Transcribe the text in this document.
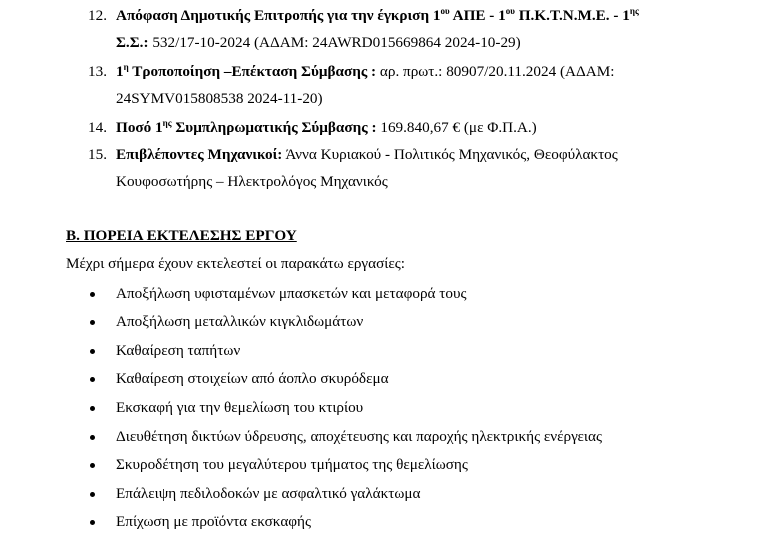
12. Απόφαση Δημοτικής Επιτροπής για την έγκριση $1^{o\upsilon}$ ΑΠΕ - $1^{o\upsilon}$ Π.Κ.Τ.Ν.Μ.Ε. - $1^{\eta\varsigma}$
Σ.Σ.: 532/17-10-2024 (ΑΔΑΜ: 24AWRD015669864 2024-10-29)
13. $1^\eta$ Τροποποίηση –Επέκταση Σύμβασης : αρ. πρωτ.: 80907/20.11.2024 (ΑΔΑΜ:
24SYMV015808538 2024-11-20)
14. Ποσό $1^{\eta\varsigma}$ Συμπληρωματικής Σύμβασης : 169.840,67 € (με Φ.Π.Α.)
15. Επιβλέποντες Μηχανικοί: Άννα Κυριακού - Πολιτικός Μηχανικός, Θεοφύλακτος
Κουφοσωτήρης – Ηλεκτρολόγος Μηχανικός
Β. ΠΟΡΕΙΑ ΕΚΤΕΛΕΣΗΣ ΕΡΓΟΥ
Μέχρι σήμερα έχουν εκτελεστεί οι παρακάτω εργασίες:
Αποξήλωση υφισταμένων μπασκετών και μεταφορά τους
Αποξήλωση μεταλλικών κιγκλιδωμάτων
Καθαίρεση ταπήτων
Καθαίρεση στοιχείων από άοπλο σκυρόδεμα
Εκσκαφή για την θεμελίωση του κτιρίου
Διευθέτηση δικτύων ύδρευσης, αποχέτευσης και παροχής ηλεκτρικής ενέργειας
Σκυροδέτηση του μεγαλύτερου τμήματος της θεμελίωσης
Επάλειψη πεδιλοδοκών με ασφαλτικό γαλάκτωμα
Επίχωση με προϊόντα εκσκαφής
